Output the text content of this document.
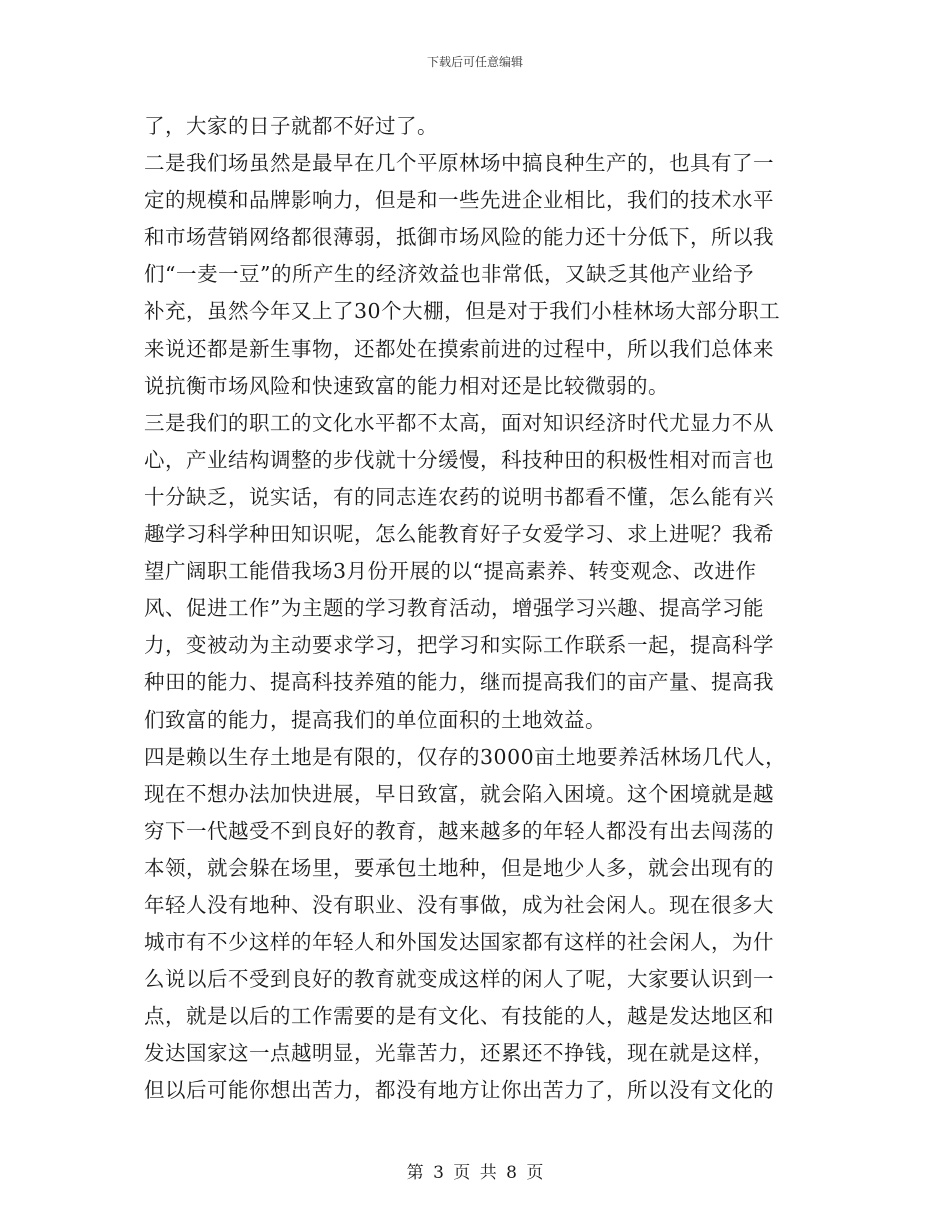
下载后可任意编辑
了，大家的日子就都不好过了。
二是我们场虽然是最早在几个平原林场中搞良种生产的，也具有了一
定的规模和品牌影响力，但是和一些先进企业相比，我们的技术水平
和市场营销网络都很薄弱，抵御市场风险的能力还十分低下，所以我
们“一麦一豆”的所产生的经济效益也非常低，又缺乏其他产业给予
补充，虽然今年又上了30个大棚，但是对于我们小桂林场大部分职工
来说还都是新生事物，还都处在摸索前进的过程中，所以我们总体来
说抗衡市场风险和快速致富的能力相对还是比较微弱的。
三是我们的职工的文化水平都不太高，面对知识经济时代尤显力不从
心，产业结构调整的步伐就十分缓慢，科技种田的积极性相对而言也
十分缺乏，说实话，有的同志连农药的说明书都看不懂，怎么能有兴
趣学习科学种田知识呢，怎么能教育好子女爱学习、求上进呢？我希
望广阔职工能借我场3月份开展的以“提高素养、转变观念、改进作
风、促进工作”为主题的学习教育活动，增强学习兴趣、提高学习能
力，变被动为主动要求学习，把学习和实际工作联系一起，提高科学
种田的能力、提高科技养殖的能力，继而提高我们的亩产量、提高我
们致富的能力，提高我们的单位面积的土地效益。
四是赖以生存土地是有限的，仅存的3000亩土地要养活林场几代人，
现在不想办法加快进展，早日致富，就会陷入困境。这个困境就是越
穷下一代越受不到良好的教育，越来越多的年轻人都没有出去闯荡的
本领，就会躲在场里，要承包土地种，但是地少人多，就会出现有的
年轻人没有地种、没有职业、没有事做，成为社会闲人。现在很多大
城市有不少这样的年轻人和外国发达国家都有这样的社会闲人，为什
么说以后不受到良好的教育就变成这样的闲人了呢，大家要认识到一
点，就是以后的工作需要的是有文化、有技能的人，越是发达地区和
发达国家这一点越明显，光靠苦力，还累还不挣钱，现在就是这样，
但以后可能你想出苦力，都没有地方让你出苦力了，所以没有文化的
第 3 页 共 8 页
